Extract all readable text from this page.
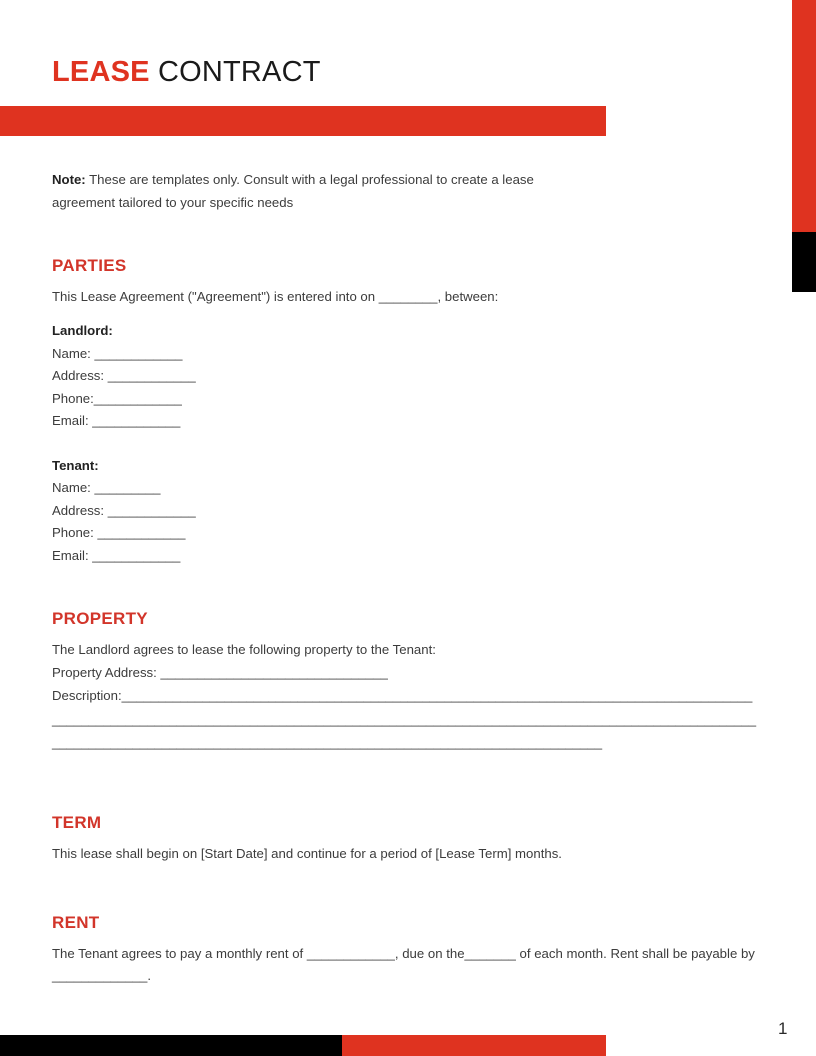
LEASE CONTRACT

Note: These are templates only. Consult with a legal professional to create a lease agreement tailored to your specific needs

PARTIES

This Lease Agreement ("Agreement") is entered into on ________, between:

Landlord:
Name: ____________
Address: ____________
Phone:____________
Email: ____________
Tenant:
Name: _________
Address: ____________
Phone: ____________
Email: ____________
PROPERTY
The Landlord agrees to lease the following property to the Tenant:
Property Address: _______________________________
Description:_________________________________________________________________________________________________________________________________________________________________________________________________________________________________________________________________
TERM

This lease shall begin on [Start Date] and continue for a period of [Lease Term] months.

RENT

The Tenant agrees to pay a monthly rent of ____________, due on the_______ of each month. Rent shall be payable by _____________.

1
